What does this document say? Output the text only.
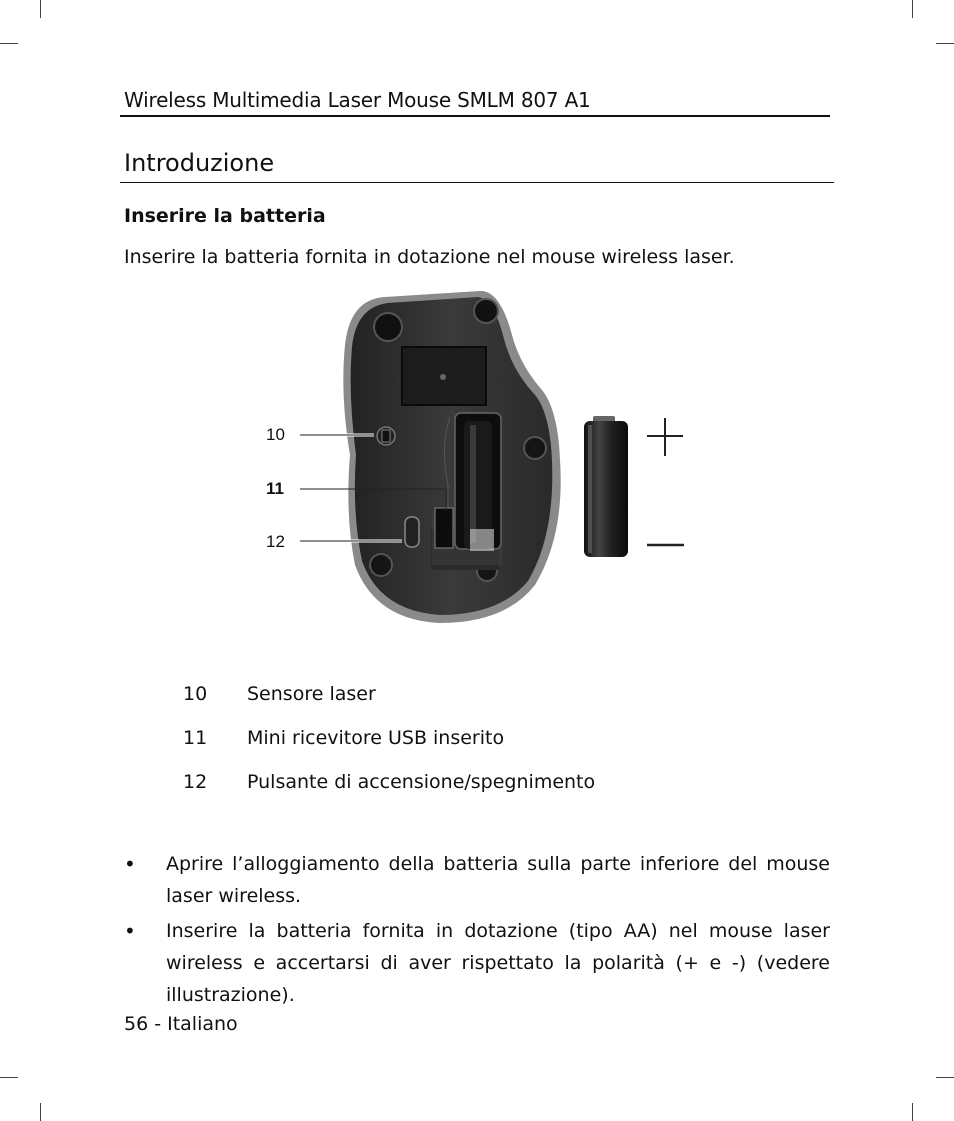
Wireless Multimedia Laser Mouse SMLM 807 A1
Introduzione
Inserire la batteria
Inserire la batteria fornita in dotazione nel mouse wireless laser.
10
11
12
10 Sensore laser
11 Mini ricevitore USB inserito
12 Pulsante di accensione/spegnimento
• Aprire l’alloggiamento della batteria sulla parte inferiore del mouse laser wireless.
• Inserire la batteria fornita in dotazione (tipo AA) nel mouse laser wireless e accertarsi di aver rispettato la polarità (+ e -) (vedere illustrazione).
56 - Italiano
